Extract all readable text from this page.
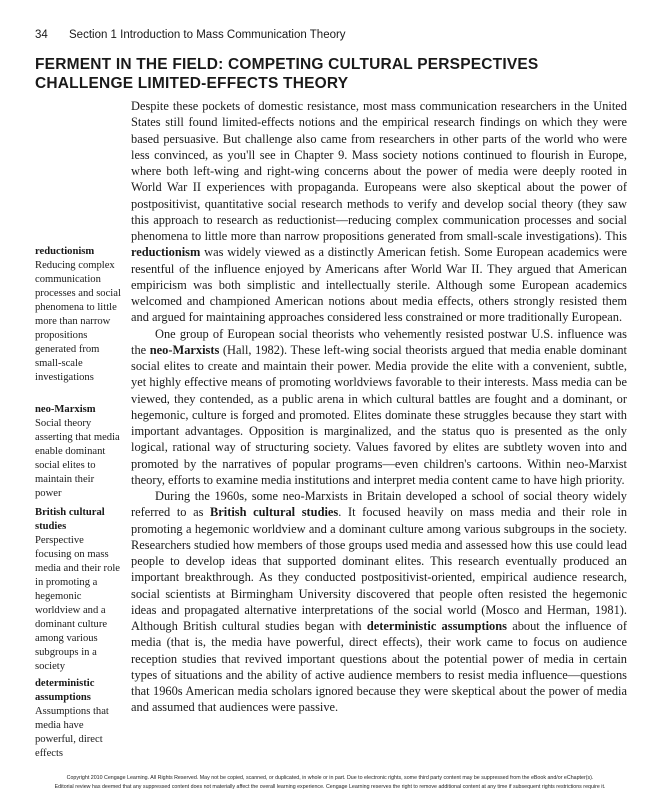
34 Section 1 Introduction to Mass Communication Theory
FERMENT IN THE FIELD: COMPETING CULTURAL PERSPECTIVES
CHALLENGE LIMITED-EFFECTS THEORY

Despite these pockets of domestic resistance, most mass communication researchers in the United States still found limited-effects notions and the empirical research findings on which they were based persuasive. But challenge also came from researchers in other parts of the world who were less convinced, as you'll see in Chapter 9. Mass society notions continued to flourish in Europe, where both left-wing and right-wing concerns about the power of media were deeply rooted in World War II experiences with propaganda. Europeans were also skeptical about the power of postpositivist, quantitative social research methods to verify and develop social theory (they saw this approach to research as reductionist—reducing complex communication processes and social phenomena to little more than narrow propositions generated from small-scale investigations). This reductionism was widely viewed as a distinctly American fetish. Some European academics were resentful of the influence enjoyed by Americans after World War II. They argued that American empiricism was both simplistic and intellectually sterile. Although some European academics welcomed and championed American notions about media effects, others strongly resisted them and argued for maintaining approaches considered less constrained or more traditionally European.

One group of European social theorists who vehemently resisted postwar U.S. influence was the neo-Marxists (Hall, 1982). These left-wing social theorists argued that media enable dominant social elites to create and maintain their power. Media provide the elite with a convenient, subtle, yet highly effective means of promoting worldviews favorable to their interests. Mass media can be viewed, they contended, as a public arena in which cultural battles are fought and a dominant, or hegemonic, culture is forged and promoted. Elites dominate these struggles because they start with important advantages. Opposition is marginalized, and the status quo is presented as the only logical, rational way of structuring society. Values favored by elites are subtlety woven into and promoted by the narratives of popular programs—even children's cartoons. Within neo-Marxist theory, efforts to examine media institutions and interpret media content came to have high priority.

During the 1960s, some neo-Marxists in Britain developed a school of social theory widely referred to as British cultural studies. It focused heavily on mass media and their role in promoting a hegemonic worldview and a dominant culture among various subgroups in the society. Researchers studied how members of those groups used media and assessed how this use could lead people to develop ideas that supported dominant elites. This research eventually produced an important breakthrough. As they conducted postpositivist-oriented, empirical audience research, social scientists at Birmingham University discovered that people often resisted the hegemonic ideas and propagated alternative interpretations of the social world (Mosco and Herman, 1981). Although British cultural studies began with deterministic assumptions about the influence of media (that is, the media have powerful, direct effects), their work came to focus on audience reception studies that revived important questions about the potential power of media in certain types of situations and the ability of active audience members to resist media influence—questions that 1960s American media scholars ignored because they were skeptical about the power of media and assumed that audiences were passive.

reductionism
Reducing complex communication processes and social phenomena to little more than narrow propositions generated from small-scale investigations
neo-Marxism
Social theory asserting that media enable dominant social elites to maintain their power
British cultural studies
Perspective focusing on mass media and their role in promoting a hegemonic worldview and a dominant culture among various subgroups in a society
deterministic assumptions
Assumptions that media have powerful, direct effects
Copyright 2010 Cengage Learning. All Rights Reserved. May not be copied, scanned, or duplicated, in whole or in part. Due to electronic rights, some third party content may be suppressed from the eBook and/or eChapter(s).
Editorial review has deemed that any suppressed content does not materially affect the overall learning experience. Cengage Learning reserves the right to remove additional content at any time if subsequent rights restrictions require it.
